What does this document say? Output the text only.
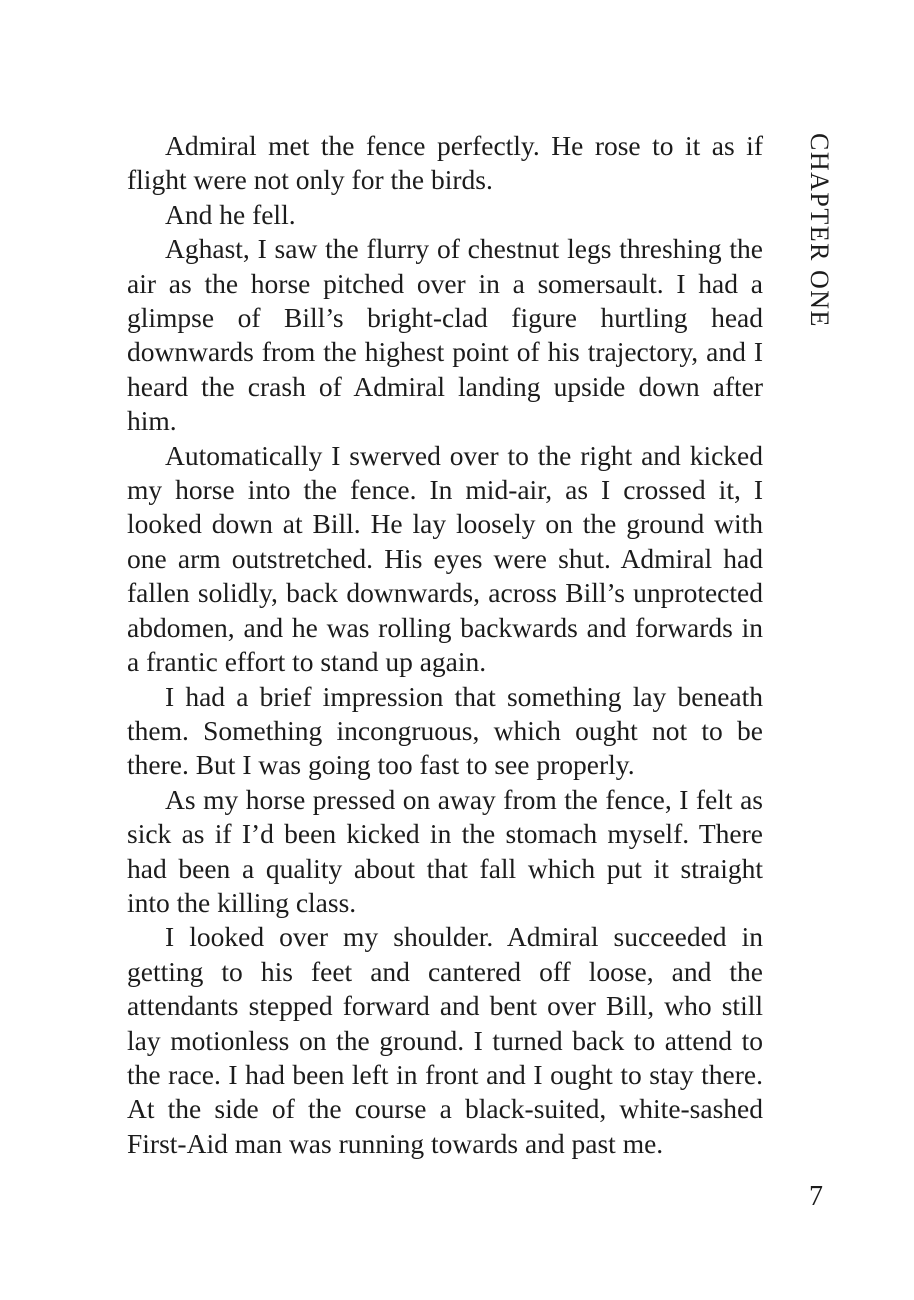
Admiral met the fence perfectly. He rose to it as if flight were not only for the birds.

And he fell.

Aghast, I saw the flurry of chestnut legs threshing the air as the horse pitched over in a somersault. I had a glimpse of Bill’s bright-clad figure hurtling head downwards from the highest point of his trajectory, and I heard the crash of Admiral landing upside down after him.

Automatically I swerved over to the right and kicked my horse into the fence. In mid-air, as I crossed it, I looked down at Bill. He lay loosely on the ground with one arm outstretched. His eyes were shut. Admiral had fallen solidly, back downwards, across Bill’s unprotected abdomen, and he was rolling backwards and forwards in a frantic effort to stand up again.

I had a brief impression that something lay beneath them. Something incongruous, which ought not to be there. But I was going too fast to see properly.

As my horse pressed on away from the fence, I felt as sick as if I’d been kicked in the stomach myself. There had been a quality about that fall which put it straight into the killing class.

I looked over my shoulder. Admiral succeeded in getting to his feet and cantered off loose, and the attendants stepped forward and bent over Bill, who still lay motionless on the ground. I turned back to attend to the race. I had been left in front and I ought to stay there. At the side of the course a black-suited, white-sashed First-Aid man was running towards and past me.

CHAPTER ONE
7
